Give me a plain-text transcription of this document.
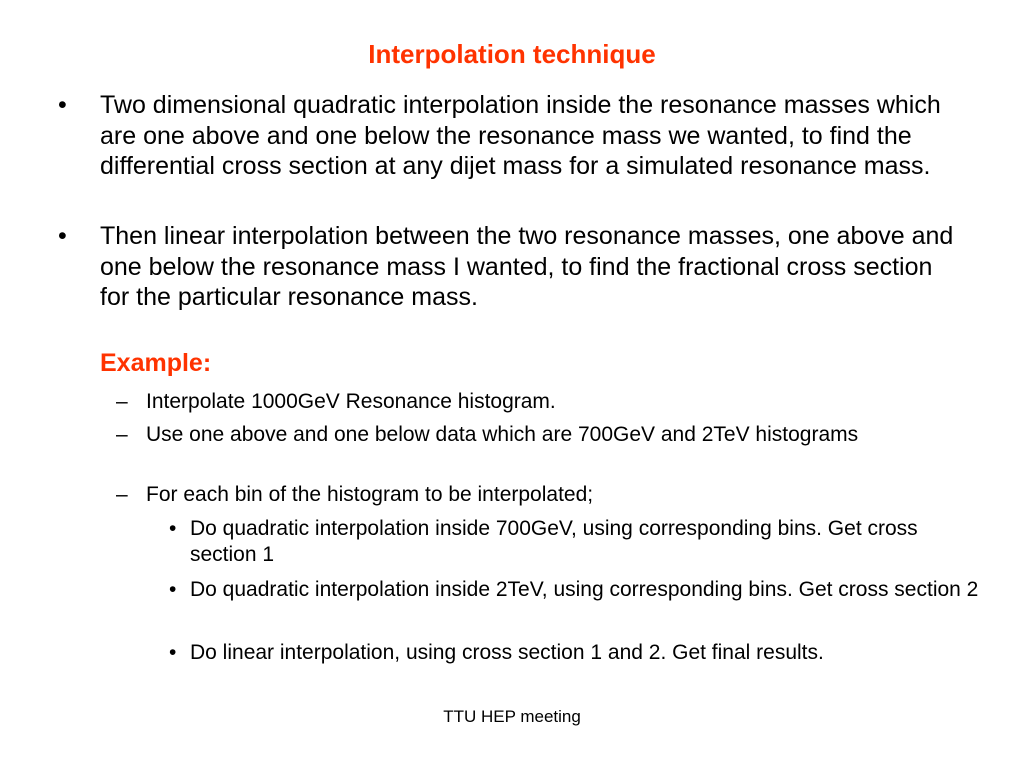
Interpolation technique
• Two dimensional quadratic interpolation inside the resonance masses which are one above and one below the resonance mass we wanted, to find the differential cross section at any dijet mass for a simulated resonance mass.
• Then linear interpolation between the two resonance masses, one above and one below the resonance mass I wanted, to find the fractional cross section for the particular resonance mass.
Example:
– Interpolate 1000GeV Resonance histogram.
– Use one above and one below data which are 700GeV and 2TeV histograms
– For each bin of the histogram to be interpolated;
• Do quadratic interpolation inside 700GeV, using corresponding bins. Get cross section 1
• Do quadratic interpolation inside 2TeV, using corresponding bins. Get cross section 2
• Do linear interpolation, using cross section 1 and 2. Get final results.
TTU HEP meeting
